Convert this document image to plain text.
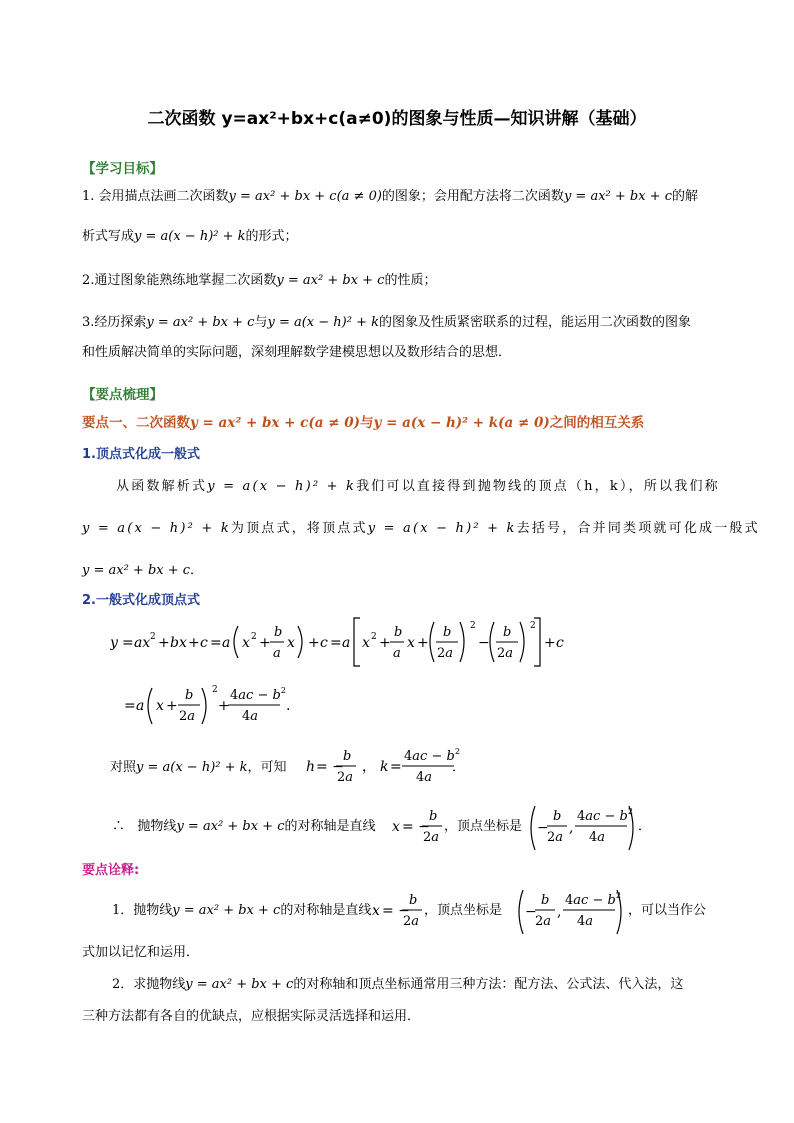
二次函数 y=ax²+bx+c(a≠0)的图象与性质—知识讲解（基础）
【学习目标】
1. 会用描点法画二次函数y = ax² + bx + c(a ≠ 0)的图象；会用配方法将二次函数y = ax² + bx + c的解
析式写成y = a(x − h)² + k的形式；
2.通过图象能熟练地掌握二次函数y = ax² + bx + c的性质；
3.经历探索y = ax² + bx + c与y = a(x − h)² + k的图象及性质紧密联系的过程，能运用二次函数的图象
和性质解决简单的实际问题，深刻理解数学建模思想以及数形结合的思想．
【要点梳理】
要点一、二次函数y = ax² + bx + c(a ≠ 0)与y = a(x − h)² + k(a ≠ 0)之间的相互关系
1.顶点式化成一般式
从函数解析式y = a(x − h)² + k我们可以直接得到抛物线的顶点（h，k），所以我们称
y = a(x − h)² + k为顶点式，将顶点式y = a(x − h)² + k去括号，合并同类项就可化成一般式
y = ax² + bx + c．
2.一般式化成顶点式
y = ax 2 + bx + c = a x 2 +
b
a
x + c = a x 2 +
b
a
x +
b
2a
2
−
b
2a
2
+ c
= a x +
b
2a
2
+
$4ac - b^2$
4a
.
对照y = a(x − h)² + k，可知	h = −
b
2a
， k =
$4ac - b^2$
4a
．
∴ 抛物线y = ax² + bx + c的对称轴是直线	x = −
b
2a
，顶点坐标是	−
b
2a
,
$4ac - b^2$
4a
．
要点诠释:
1．抛物线y = ax² + bx + c的对称轴是直线 x = −
b
2a
，顶点坐标是	−
b
2a
,
$4ac - b^2$
4a
，可以当作公
式加以记忆和运用．
2．求抛物线y = ax² + bx + c的对称轴和顶点坐标通常用三种方法：配方法、公式法、代入法，这
三种方法都有各自的优缺点，应根据实际灵活选择和运用．
